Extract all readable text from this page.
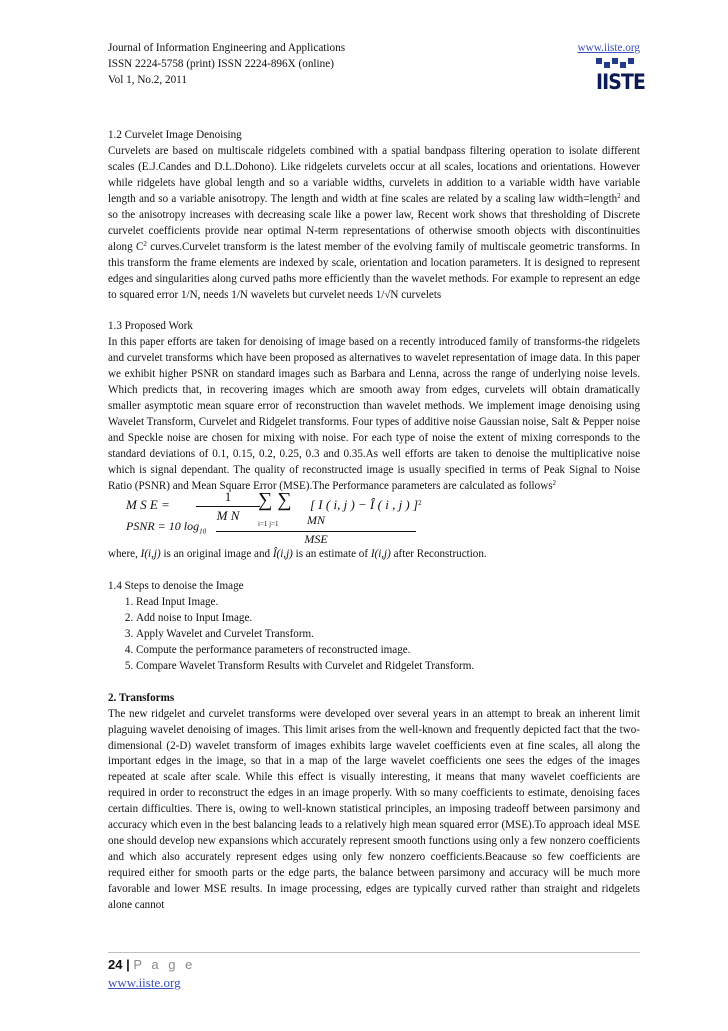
Journal of Information Engineering and Applications
ISSN 2224-5758 (print) ISSN 2224-896X (online)
Vol 1, No.2, 2011
www.iiste.org
IISTE
1.2 Curvelet Image Denoising

Curvelets are based on multiscale ridgelets combined with a spatial bandpass filtering operation to isolate different scales (E.J.Candes and D.L.Dohono). Like ridgelets curvelets occur at all scales, locations and orientations. However while ridgelets have global length and so a variable widths, curvelets in addition to a variable width have variable length and so a variable anisotropy. The length and width at fine scales are related by a scaling law width=length$^2$ and so the anisotropy increases with decreasing scale like a power law, Recent work shows that thresholding of Discrete curvelet coefficients provide near optimal N-term representations of otherwise smooth objects with discontinuities along $C^2$ curves.Curvelet transform is the latest member of the evolving family of multiscale geometric transforms. In this transform the frame elements are indexed by scale, orientation and location parameters. It is designed to represent edges and singularities along curved paths more efficiently than the wavelet methods. For example to represent an edge to squared error 1/N, needs 1/N wavelets but curvelet needs 1/√N curvelets

1.3 Proposed Work

In this paper efforts are taken for denoising of image based on a recently introduced family of transforms-the ridgelets and curvelet transforms which have been proposed as alternatives to wavelet representation of image data. In this paper we exhibit higher PSNR on standard images such as Barbara and Lenna, across the range of underlying noise levels. Which predicts that, in recovering images which are smooth away from edges, curvelets will obtain dramatically smaller asymptotic mean square error of reconstruction than wavelet methods. We implement image denoising using Wavelet Transform, Curvelet and Ridgelet transforms. Four types of additive noise Gaussian noise, Salt & Pepper noise and Speckle noise are chosen for mixing with noise. For each type of noise the extent of mixing corresponds to the standard deviations of 0.1, 0.15, 0.2, 0.25, 0.3 and 0.35.As well efforts are taken to denoise the multiplicative noise which is signal dependant. The quality of reconstructed image is usually specified in terms of Peak Signal to Noise Ratio (PSNR) and Mean Square Error (MSE).The Performance parameters are calculated as follows$^2$

M S E =
1
M N
∑ ∑
i=1 j=1
[ I ( i, j ) − Î ( i , j ) ]$^2$
PSNR = 10 $\log_{10}$
MN
MSE

where, I(i,j) is an original image and Î(i,j) is an estimate of I(i,j) after Reconstruction.

1.4 Steps to denoise the Image
1. Read Input Image.
2. Add noise to Input Image.
3. Apply Wavelet and Curvelet Transform.
4. Compute the performance parameters of reconstructed image.
5. Compare Wavelet Transform Results with Curvelet and Ridgelet Transform.
2. Transforms

The new ridgelet and curvelet transforms were developed over several years in an attempt to break an inherent limit plaguing wavelet denoising of images. This limit arises from the well-known and frequently depicted fact that the two-dimensional (2-D) wavelet transform of images exhibits large wavelet coefficients even at fine scales, all along the important edges in the image, so that in a map of the large wavelet coefficients one sees the edges of the images repeated at scale after scale. While this effect is visually interesting, it means that many wavelet coefficients are required in order to reconstruct the edges in an image properly. With so many coefficients to estimate, denoising faces certain difficulties. There is, owing to well-known statistical principles, an imposing tradeoff between parsimony and accuracy which even in the best balancing leads to a relatively high mean squared error (MSE).To approach ideal MSE one should develop new expansions which accurately represent smooth functions using only a few nonzero coefficients and which also accurately represent edges using only few nonzero coefficients.Beacause so few coefficients are required either for smooth parts or the edge parts, the balance between parsimony and accuracy will be much more favorable and lower MSE results. In image processing, edges are typically curved rather than straight and ridgelets alone cannot

24 | P a g e
www.iiste.org
